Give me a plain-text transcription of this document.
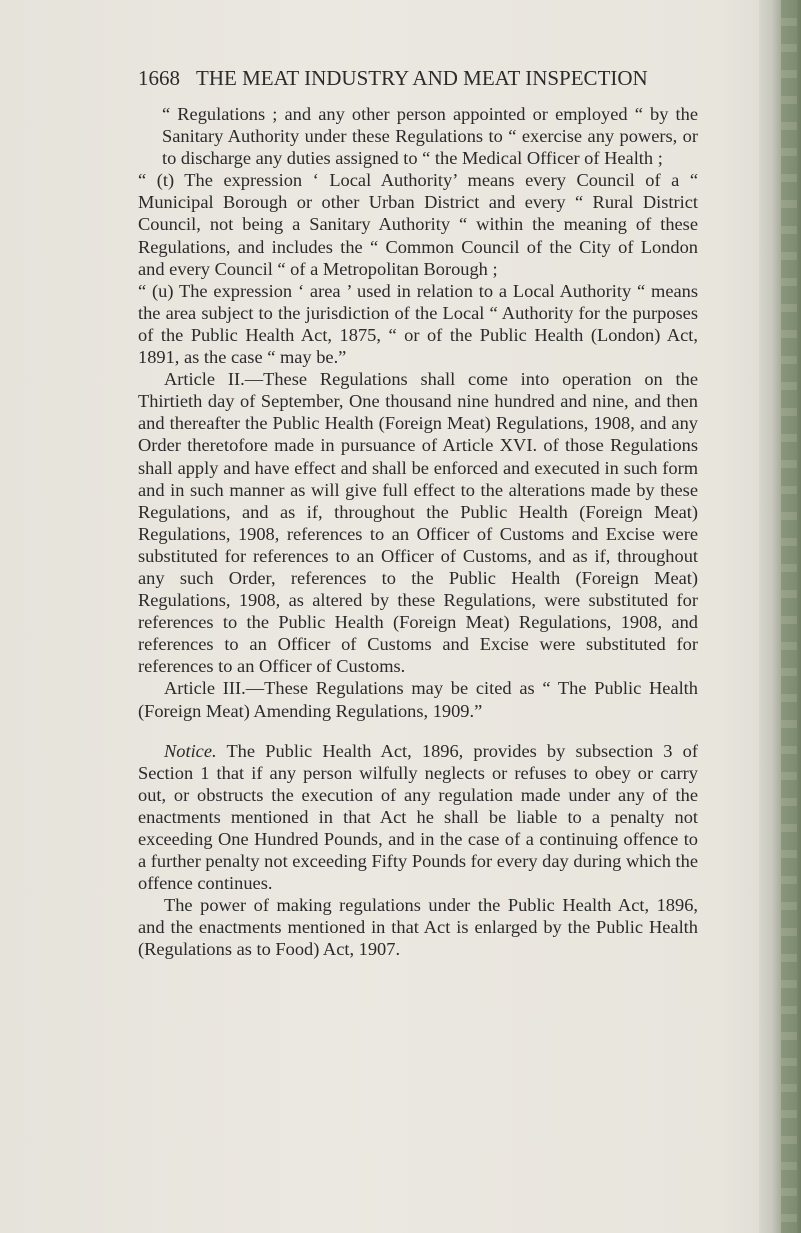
1668 THE MEAT INDUSTRY AND MEAT INSPECTION

“ Regulations ; and any other person appointed or employed “ by the Sanitary Authority under these Regulations to “ exercise any powers, or to discharge any duties assigned to “ the Medical Officer of Health ;

“ (t) The expression ‘ Local Authority’ means every Council of a “ Municipal Borough or other Urban District and every “ Rural District Council, not being a Sanitary Authority “ within the meaning of these Regulations, and includes the “ Common Council of the City of London and every Council “ of a Metropolitan Borough ;

“ (u) The expression ‘ area ’ used in relation to a Local Authority “ means the area subject to the jurisdiction of the Local “ Authority for the purposes of the Public Health Act, 1875, “ or of the Public Health (London) Act, 1891, as the case “ may be.”

Article II.—These Regulations shall come into operation on the Thirtieth day of September, One thousand nine hundred and nine, and then and thereafter the Public Health (Foreign Meat) Regulations, 1908, and any Order theretofore made in pursuance of Article XVI. of those Regulations shall apply and have effect and shall be enforced and executed in such form and in such manner as will give full effect to the alterations made by these Regulations, and as if, throughout the Public Health (Foreign Meat) Regulations, 1908, references to an Officer of Customs and Excise were substituted for references to an Officer of Customs, and as if, throughout any such Order, references to the Public Health (Foreign Meat) Regulations, 1908, as altered by these Regulations, were substituted for references to the Public Health (Foreign Meat) Regulations, 1908, and references to an Officer of Customs and Excise were substituted for references to an Officer of Customs.

Article III.—These Regulations may be cited as “ The Public Health (Foreign Meat) Amending Regulations, 1909.”

Notice. The Public Health Act, 1896, provides by subsection 3 of Section 1 that if any person wilfully neglects or refuses to obey or carry out, or obstructs the execution of any regulation made under any of the enactments mentioned in that Act he shall be liable to a penalty not exceeding One Hundred Pounds, and in the case of a continuing offence to a further penalty not exceeding Fifty Pounds for every day during which the offence continues.

The power of making regulations under the Public Health Act, 1896, and the enactments mentioned in that Act is enlarged by the Public Health (Regulations as to Food) Act, 1907.
